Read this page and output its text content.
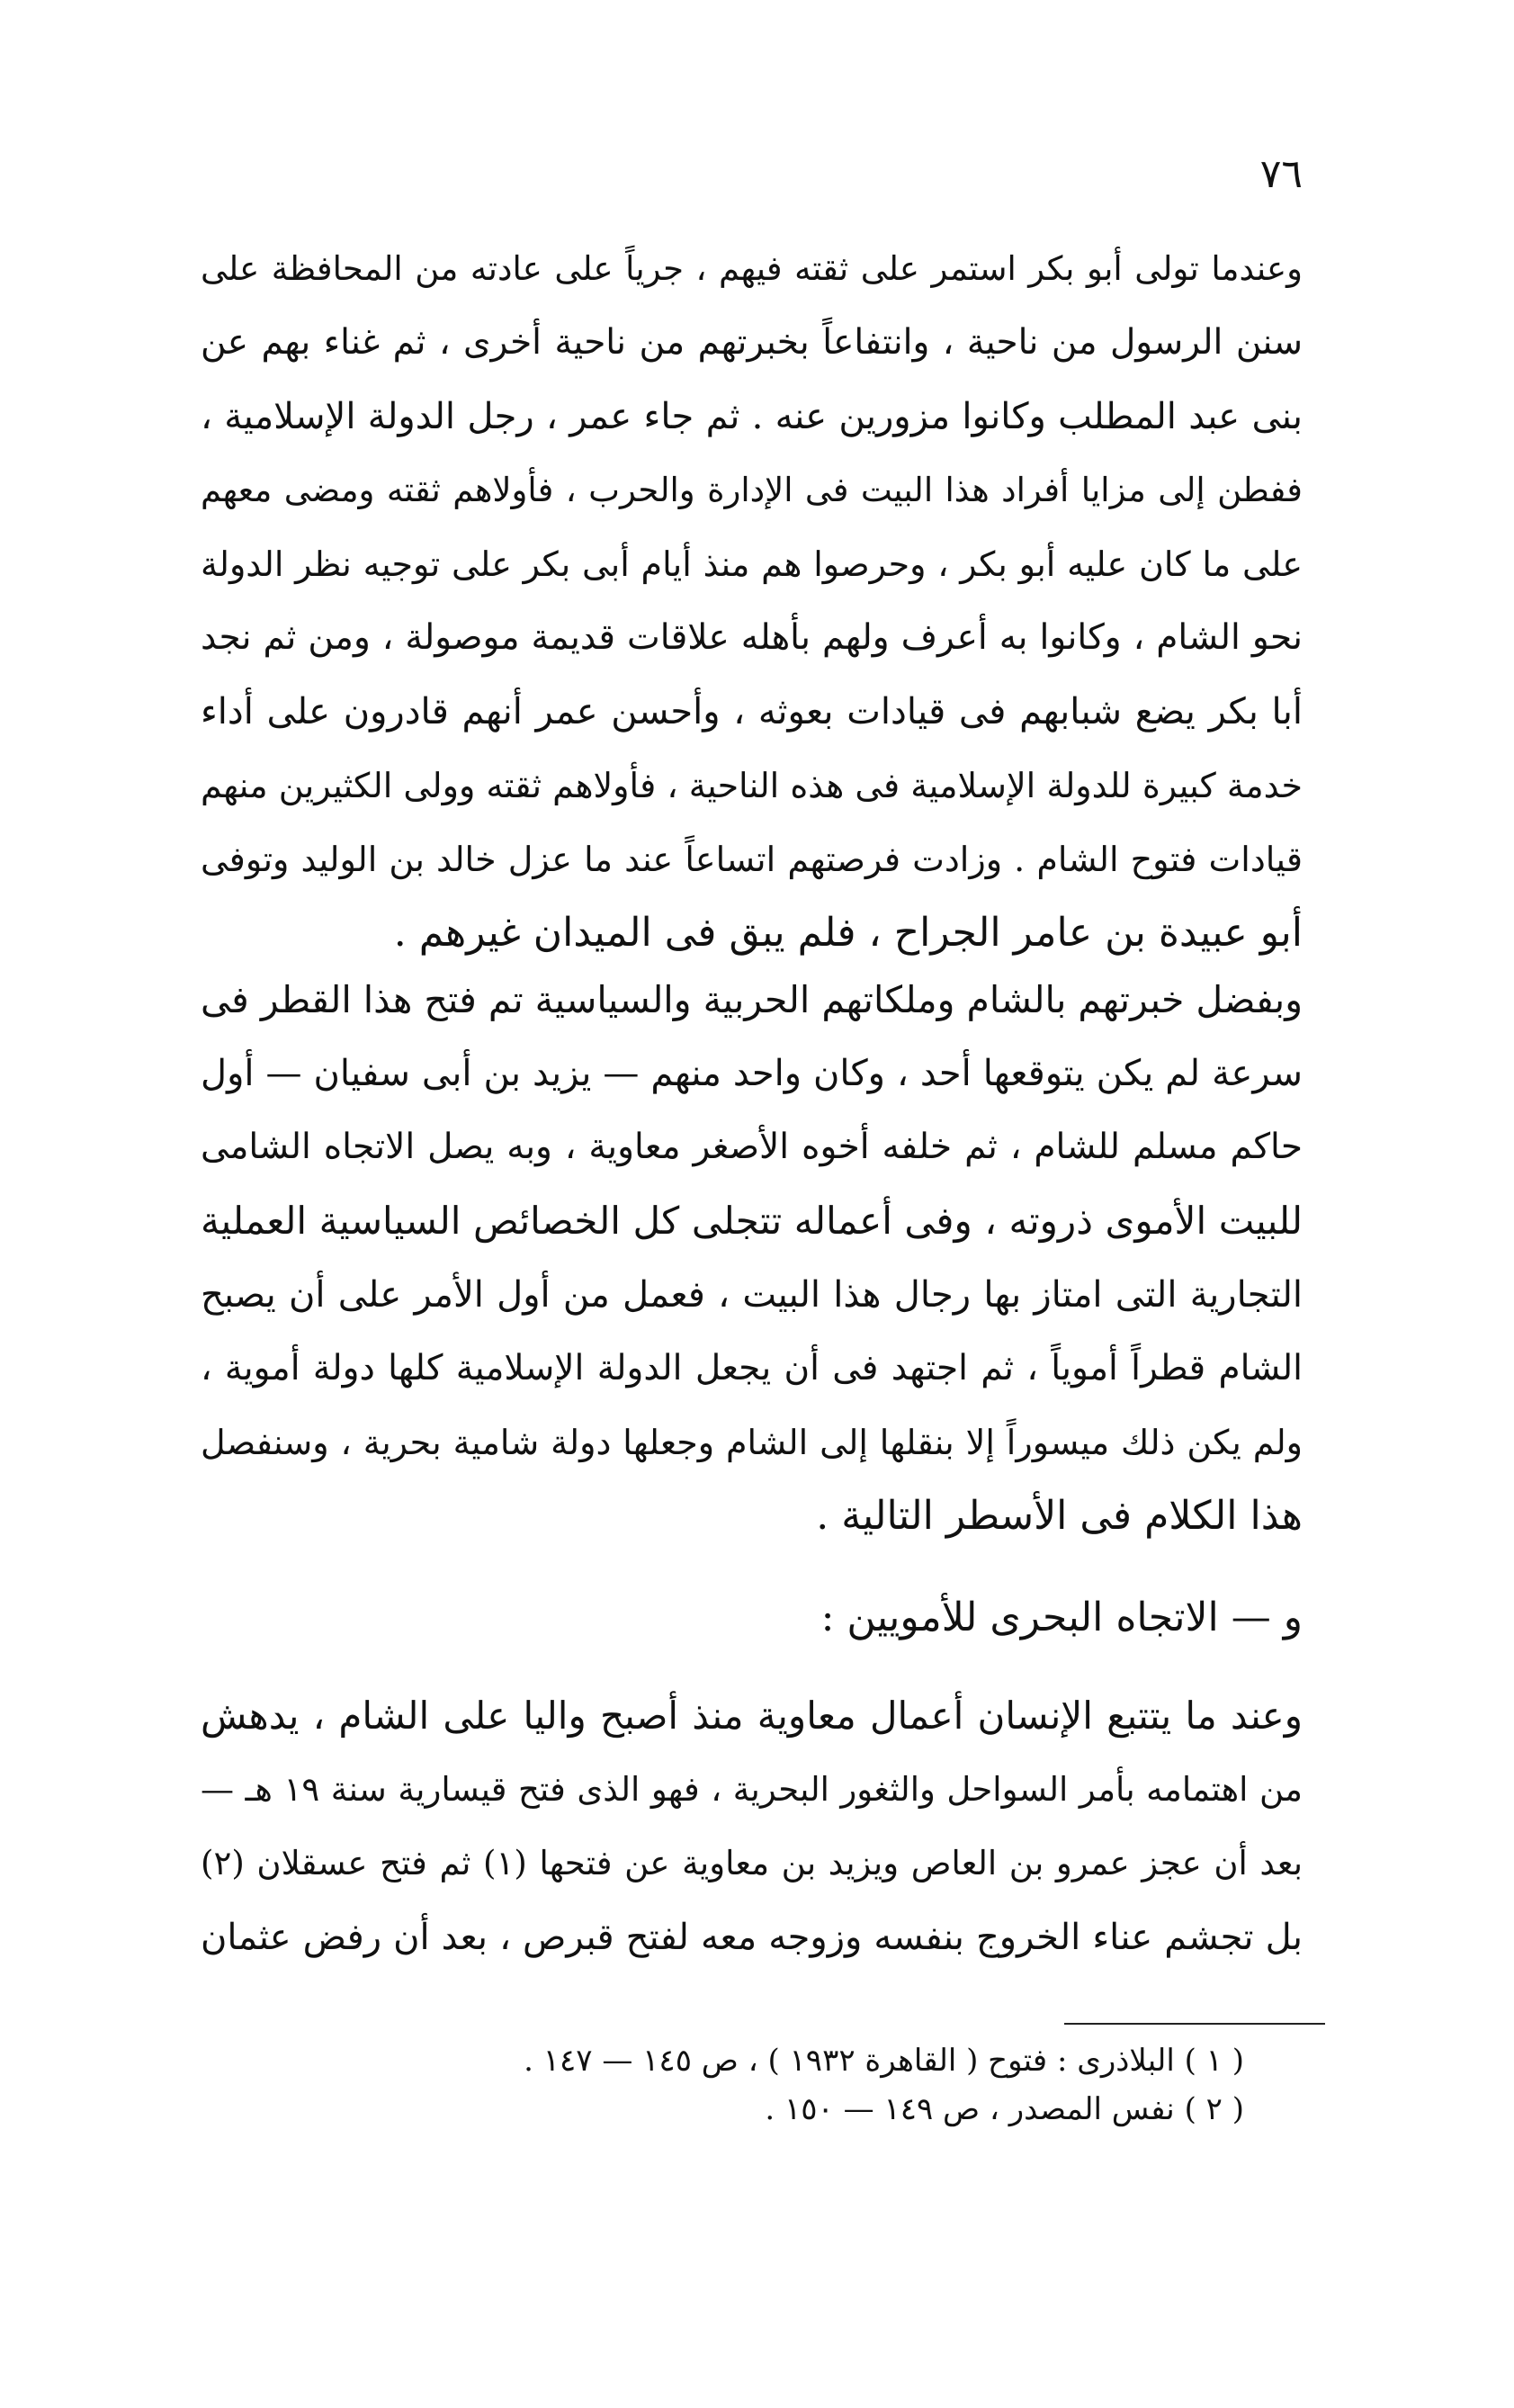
٧٦
وعندما تولى أبو بكر استمر على ثقته فيهم ، جرياً على عادته من المحافظة على
سنن الرسول من ناحية ، وانتفاعاً بخبرتهم من ناحية أخرى ، ثم غناء بهم عن
بنى عبد المطلب وكانوا مزورين عنه . ثم جاء عمر ، رجل الدولة الإسلامية ،
ففطن إلى مزايا أفراد هذا البيت فى الإدارة والحرب ، فأولاهم ثقته ومضى معهم
على ما كان عليه أبو بكر ، وحرصوا هم منذ أيام أبى بكر على توجيه نظر الدولة
نحو الشام ، وكانوا به أعرف ولهم بأهله علاقات قديمة موصولة ، ومن ثم نجد
أبا بكر يضع شبابهم فى قيادات بعوثه ، وأحسن عمر أنهم قادرون على أداء
خدمة كبيرة للدولة الإسلامية فى هذه الناحية ، فأولاهم ثقته وولى الكثيرين منهم
قيادات فتوح الشام . وزادت فرصتهم اتساعاً عند ما عزل خالد بن الوليد وتوفى
أبو عبيدة بن عامر الجراح ، فلم يبق فى الميدان غيرهم .
وبفضل خبرتهم بالشام وملكاتهم الحربية والسياسية تم فتح هذا القطر فى
سرعة لم يكن يتوقعها أحد ، وكان واحد منهم — يزيد بن أبى سفيان — أول
حاكم مسلم للشام ، ثم خلفه أخوه الأصغر معاوية ، وبه يصل الاتجاه الشامى
للبيت الأموى ذروته ، وفى أعماله تتجلى كل الخصائص السياسية العملية
التجارية التى امتاز بها رجال هذا البيت ، فعمل من أول الأمر على أن يصبح
الشام قطراً أموياً ، ثم اجتهد فى أن يجعل الدولة الإسلامية كلها دولة أموية ،
ولم يكن ذلك ميسوراً إلا بنقلها إلى الشام وجعلها دولة شامية بحرية ، وسنفصل
هذا الكلام فى الأسطر التالية .
و — الاتجاه البحرى للأمويين :
وعند ما يتتبع الإنسان أعمال معاوية منذ أصبح واليا على الشام ، يدهش
من اهتمامه بأمر السواحل والثغور البحرية ، فهو الذى فتح قيسارية سنة ١٩ هـ —
بعد أن عجز عمرو بن العاص ويزيد بن معاوية عن فتحها (١) ثم فتح عسقلان (٢)
بل تجشم عناء الخروج بنفسه وزوجه معه لفتح قبرص ، بعد أن رفض عثمان
( ١ ) البلاذرى : فتوح ( القاهرة ١٩٣٢ ) ، ص ١٤٥ — ١٤٧ .
( ٢ ) نفس المصدر ، ص ١٤٩ — ١٥٠ .
